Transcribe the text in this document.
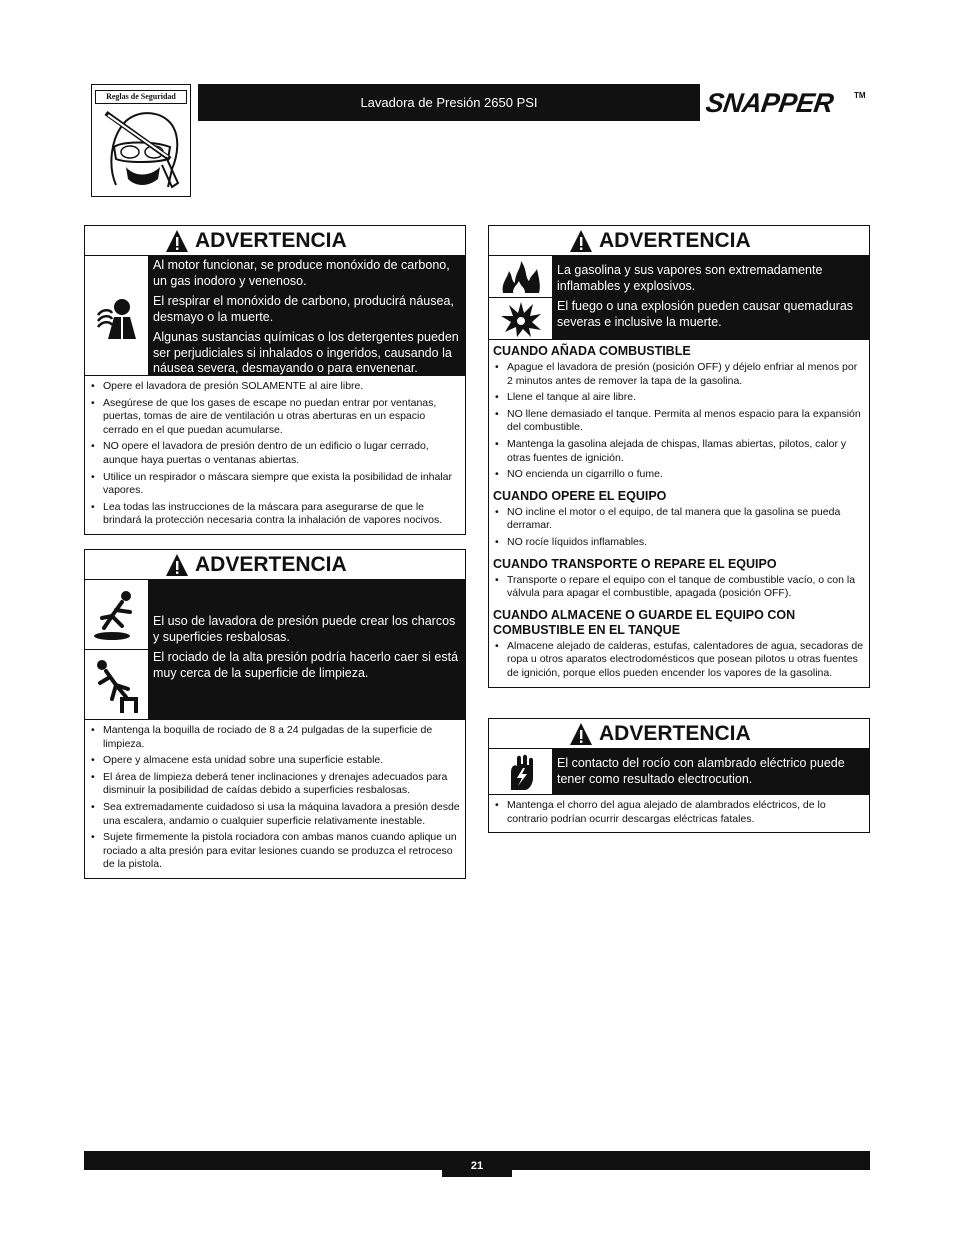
Reglas de Seguridad	Lavadora de Presión 2650 PSI	SNAPPER TM
ADVERTENCIA

Al motor funcionar, se produce monóxido de carbono, un gas inodoro y venenoso.

El respirar el monóxido de carbono, producirá náusea, desmayo o la muerte.

Algunas sustancias químicas o los detergentes pueden ser perjudiciales si inhalados o ingeridos, causando la náusea severa, desmayando o para envenenar.

• Opere el lavadora de presión SOLAMENTE al aire libre.
• Asegúrese de que los gases de escape no puedan entrar por ventanas, puertas, tomas de aire de ventilación u otras aberturas en un espacio cerrado en el que puedan acumularse.
• NO opere el lavadora de presión dentro de un edificio o lugar cerrado, aunque haya puertas o ventanas abiertas.
• Utilice un respirador o máscara siempre que exista la posibilidad de inhalar vapores.
• Lea todas las instrucciones de la máscara para asegurarse de que le brindará la protección necesaria contra la inhalación de vapores nocivos.
ADVERTENCIA

El uso de lavadora de presión puede crear los charcos y superficies resbalosas.

El rociado de la alta presión podría hacerlo caer si está muy cerca de la superficie de limpieza.

• Mantenga la boquilla de rociado de 8 a 24 pulgadas de la superficie de limpieza.
• Opere y almacene esta unidad sobre una superficie estable.
• El área de limpieza deberá tener inclinaciones y drenajes adecuados para disminuir la posibilidad de caídas debido a superficies resbalosas.
• Sea extremadamente cuidadoso si usa la máquina lavadora a presión desde una escalera, andamio o cualquier superficie relativamente inestable.
• Sujete firmemente la pistola rociadora con ambas manos cuando aplique un rociado a alta presión para evitar lesiones cuando se produzca el retroceso de la pistola.
ADVERTENCIA

La gasolina y sus vapores son extremadamente inflamables y explosivos.

El fuego o una explosión pueden causar quemaduras severas e inclusive la muerte.

CUANDO AÑADA COMBUSTIBLE
• Apague el lavadora de presión (posición OFF) y déjelo enfriar al menos por 2 minutos antes de remover la tapa de la gasolina.
• Llene el tanque al aire libre.
• NO llene demasiado el tanque. Permita al menos espacio para la expansión del combustible.
• Mantenga la gasolina alejada de chispas, llamas abiertas, pilotos, calor y otras fuentes de ignición.
• NO encienda un cigarrillo o fume.
CUANDO OPERE EL EQUIPO
• NO incline el motor o el equipo, de tal manera que la gasolina se pueda derramar.
• NO rocíe líquidos inflamables.
CUANDO TRANSPORTE O REPARE EL EQUIPO
• Transporte o repare el equipo con el tanque de combustible vacío, o con la válvula para apagar el combustible, apagada (posición OFF).
CUANDO ALMACENE O GUARDE EL EQUIPO CON COMBUSTIBLE EN EL TANQUE
• Almacene alejado de calderas, estufas, calentadores de agua, secadoras de ropa u otros aparatos electrodomésticos que posean pilotos u otras fuentes de ignición, porque ellos pueden encender los vapores de la gasolina.
ADVERTENCIA

El contacto del rocío con alambrado eléctrico puede tener como resultado electrocution.

• Mantenga el chorro del agua alejado de alambrados eléctricos, de lo contrario podrían ocurrir descargas eléctricas fatales.
21
